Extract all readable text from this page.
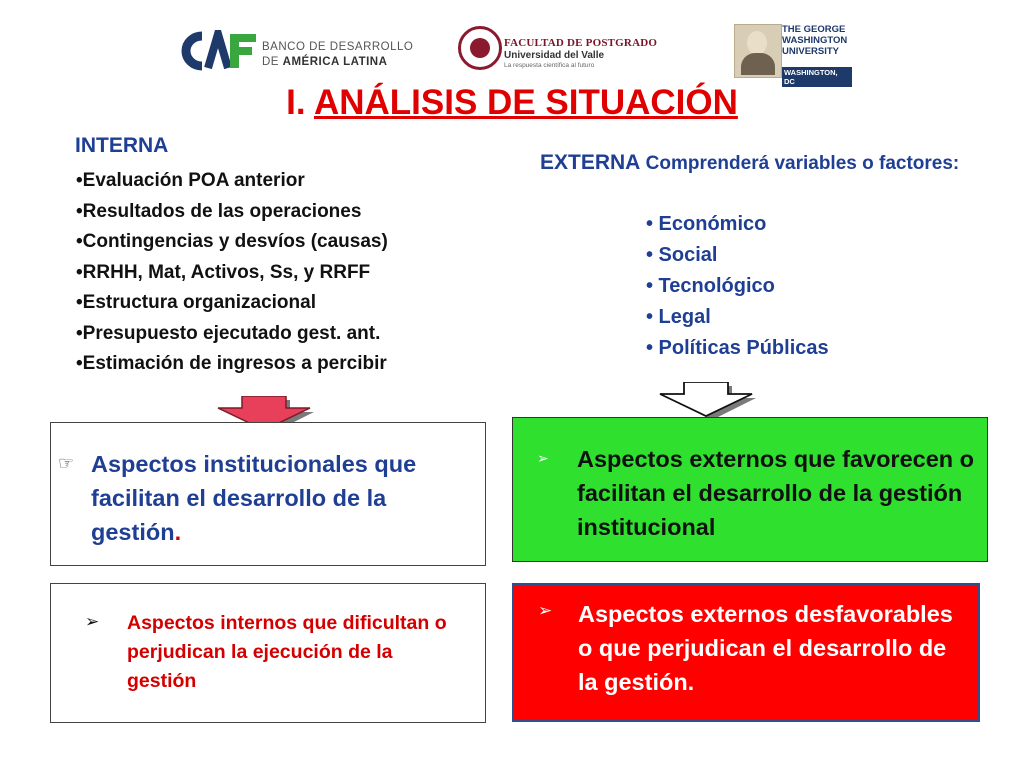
BANCO DE DESARROLLO
DE AMÉRICA LATINA
FACULTAD DE POSTGRADO
Universidad del Valle
La respuesta científica al futuro
THE GEORGE
WASHINGTON
UNIVERSITY
WASHINGTON, DC
I. ANÁLISIS DE SITUACIÓN
INTERNA
•Evaluación POA anterior
•Resultados de las operaciones
•Contingencias y desvíos (causas)
•RRHH, Mat, Activos, Ss, y RRFF
•Estructura organizacional
•Presupuesto ejecutado gest. ant.
•Estimación de ingresos a percibir
EXTERNA Comprenderá variables o factores:
• Económico
• Social
• Tecnológico
• Legal
• Políticas Públicas
☞ Aspectos institucionales que facilitan el desarrollo de la gestión.
➢ Aspectos externos que favorecen o facilitan el desarrollo de la gestión institucional
➢ Aspectos internos que dificultan o perjudican la ejecución de la gestión
➢ Aspectos externos desfavorables o que perjudican el desarrollo de la gestión.
